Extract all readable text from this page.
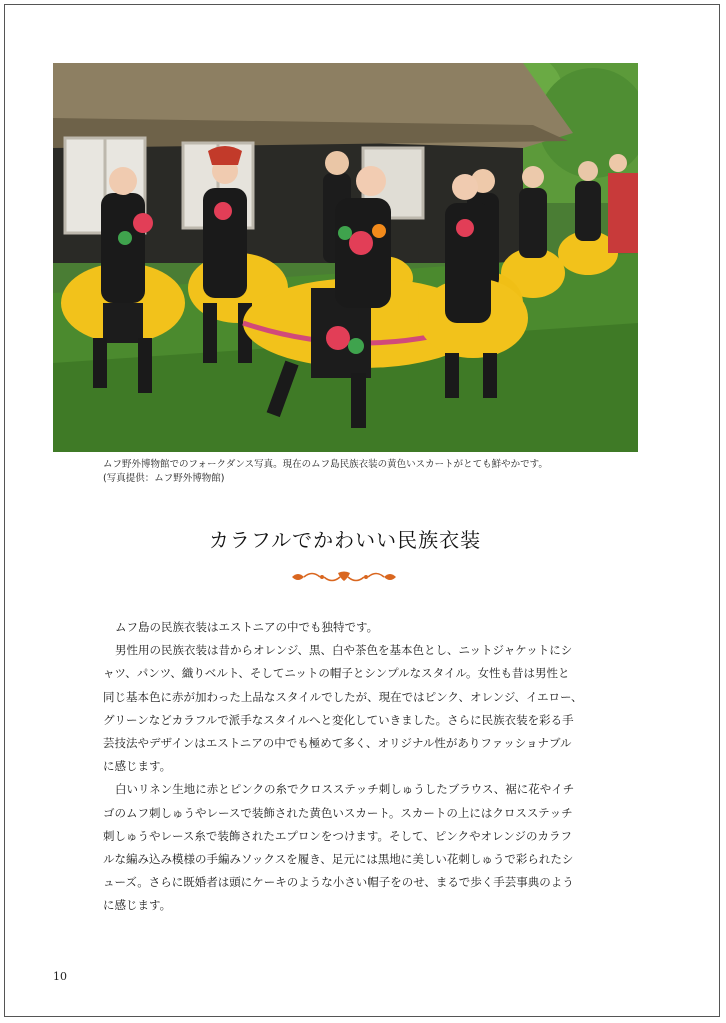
ムフ野外博物館でのフォークダンス写真。現在のムフ島民族衣装の黄色いスカートがとても鮮やかです。
(写真提供：ムフ野外博物館)
カラフルでかわいい民族衣装
ムフ島の民族衣装はエストニアの中でも独特です。
男性用の民族衣装は昔からオレンジ、黒、白や茶色を基本色とし、ニットジャケットにシ
ャツ、パンツ、織りベルト、そしてニットの帽子とシンプルなスタイル。女性も昔は男性と
同じ基本色に赤が加わった上品なスタイルでしたが、現在ではピンク、オレンジ、イエロー、
グリーンなどカラフルで派手なスタイルへと変化していきました。さらに民族衣装を彩る手
芸技法やデザインはエストニアの中でも極めて多く、オリジナル性がありファッショナブル
に感じます。
白いリネン生地に赤とピンクの糸でクロスステッチ刺しゅうしたブラウス、裾に花やイチ
ゴのムフ刺しゅうやレースで装飾された黄色いスカート。スカートの上にはクロスステッチ
刺しゅうやレース糸で装飾されたエプロンをつけます。そして、ピンクやオレンジのカラフ
ルな編み込み模様の手編みソックスを履き、足元には黒地に美しい花刺しゅうで彩られたシ
ューズ。さらに既婚者は頭にケーキのような小さい帽子をのせ、まるで歩く手芸事典のよう
に感じます。
10
